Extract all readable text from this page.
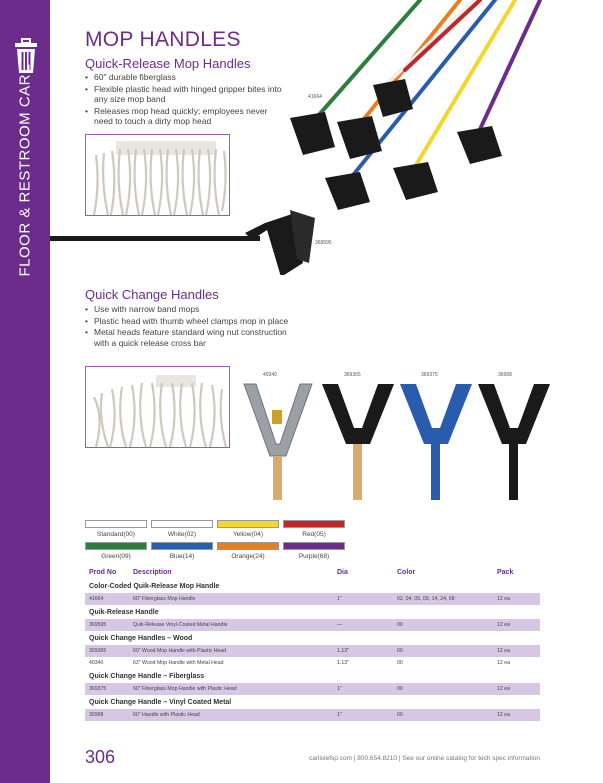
FLOOR & RESTROOM CARE
MOP HANDLES
Quick-Release Mop Handles
• 60" durable fiberglass
• Flexible plastic head with hinged gripper bites into any size mop band
• Releases mop head quickly; employees never need to touch a dirty mop head
41664
369595
Quick Change Handles
• Use with narrow band mops
• Plastic head with thumb wheel clamps mop in place
• Metal heads feature standard wing nut construction with a quick release cross bar
40340	369365	369375	36968
Standard(00)	White(02)	Yellow(04)	Red(05)
Green(09)	Blue(14)	Orange(24)	Purple(68)
Prod No	Description	Dia	Color	Pack
Color-Coded Quik-Release Mop Handle
41664	60" Fiberglass Mop Handle	1"	02, 04, 05, 09, 14, 24, 68	12 ea
Quik-Release Handle
369595	Quik-Release Vinyl-Coated Metal Handle	—	00	12 ea
Quick Change Handles – Wood
369365	60" Wood Mop Handle with Plastic Head	1.13"	00	12 ea
40340	63" Wood Mop Handle with Metal Head	1.13"	00	12 ea
Quick Change Handle – Fiberglass
369375	60" Fiberglass Mop Handle with Plastic Head	1"	00	12 ea
Quick Change Handle – Vinyl Coated Metal
36968	60" Handle with Plastic Head	1"	00	12 ea
306	carlislefsp.com | 800.654.8210 | See our online catalog for tech spec information
